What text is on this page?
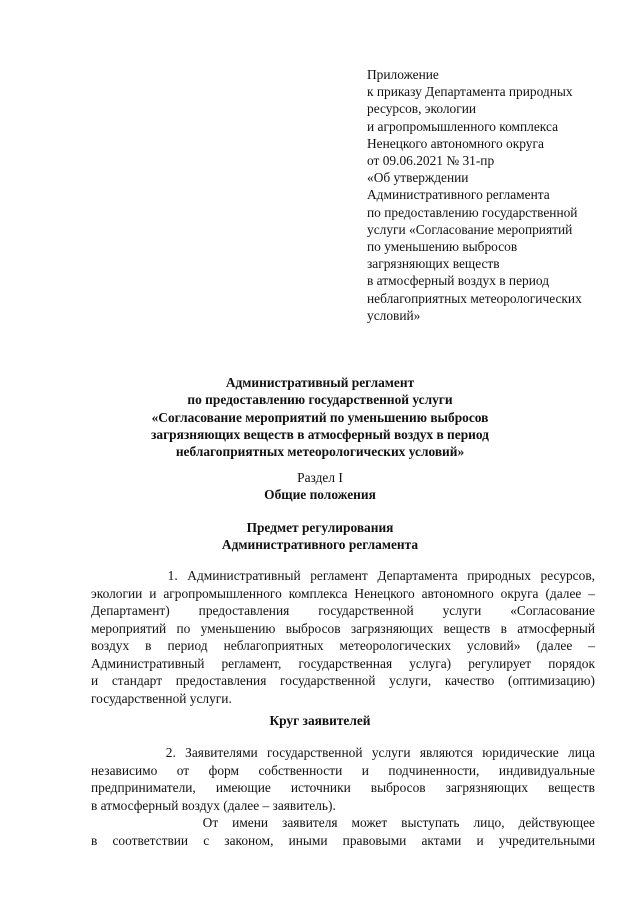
Приложение
к приказу Департамента природных
ресурсов, экологии
и агропромышленного комплекса
Ненецкого автономного округа
от 09.06.2021 № 31-пр
«Об утверждении
Административного регламента
по предоставлению государственной
услуги «Согласование мероприятий
по уменьшению выбросов
загрязняющих веществ
в атмосферный воздух в период
неблагоприятных метеорологических
условий»
Административный регламент
по предоставлению государственной услуги
«Согласование мероприятий по уменьшению выбросов
загрязняющих веществ в атмосферный воздух в период
неблагоприятных метеорологических условий»
Раздел I
Общие положения
Предмет регулирования
Административного регламента
1. Административный регламент Департамента природных ресурсов,
экологии и агропромышленного комплекса Ненецкого автономного округа (далее –
Департамент) предоставления государственной услуги «Согласование
мероприятий по уменьшению выбросов загрязняющих веществ в атмосферный
воздух в период неблагоприятных метеорологических условий» (далее –
Административный регламент, государственная услуга) регулирует порядок
и стандарт предоставления государственной услуги, качество (оптимизацию)
государственной услуги.
Круг заявителей
2. Заявителями государственной услуги являются юридические лица
независимо от форм собственности и подчиненности, индивидуальные
предприниматели, имеющие источники выбросов загрязняющих веществ
в атмосферный воздух (далее – заявитель).
От имени заявителя может выступать лицо, действующее
в соответствии с законом, иными правовыми актами и учредительными
